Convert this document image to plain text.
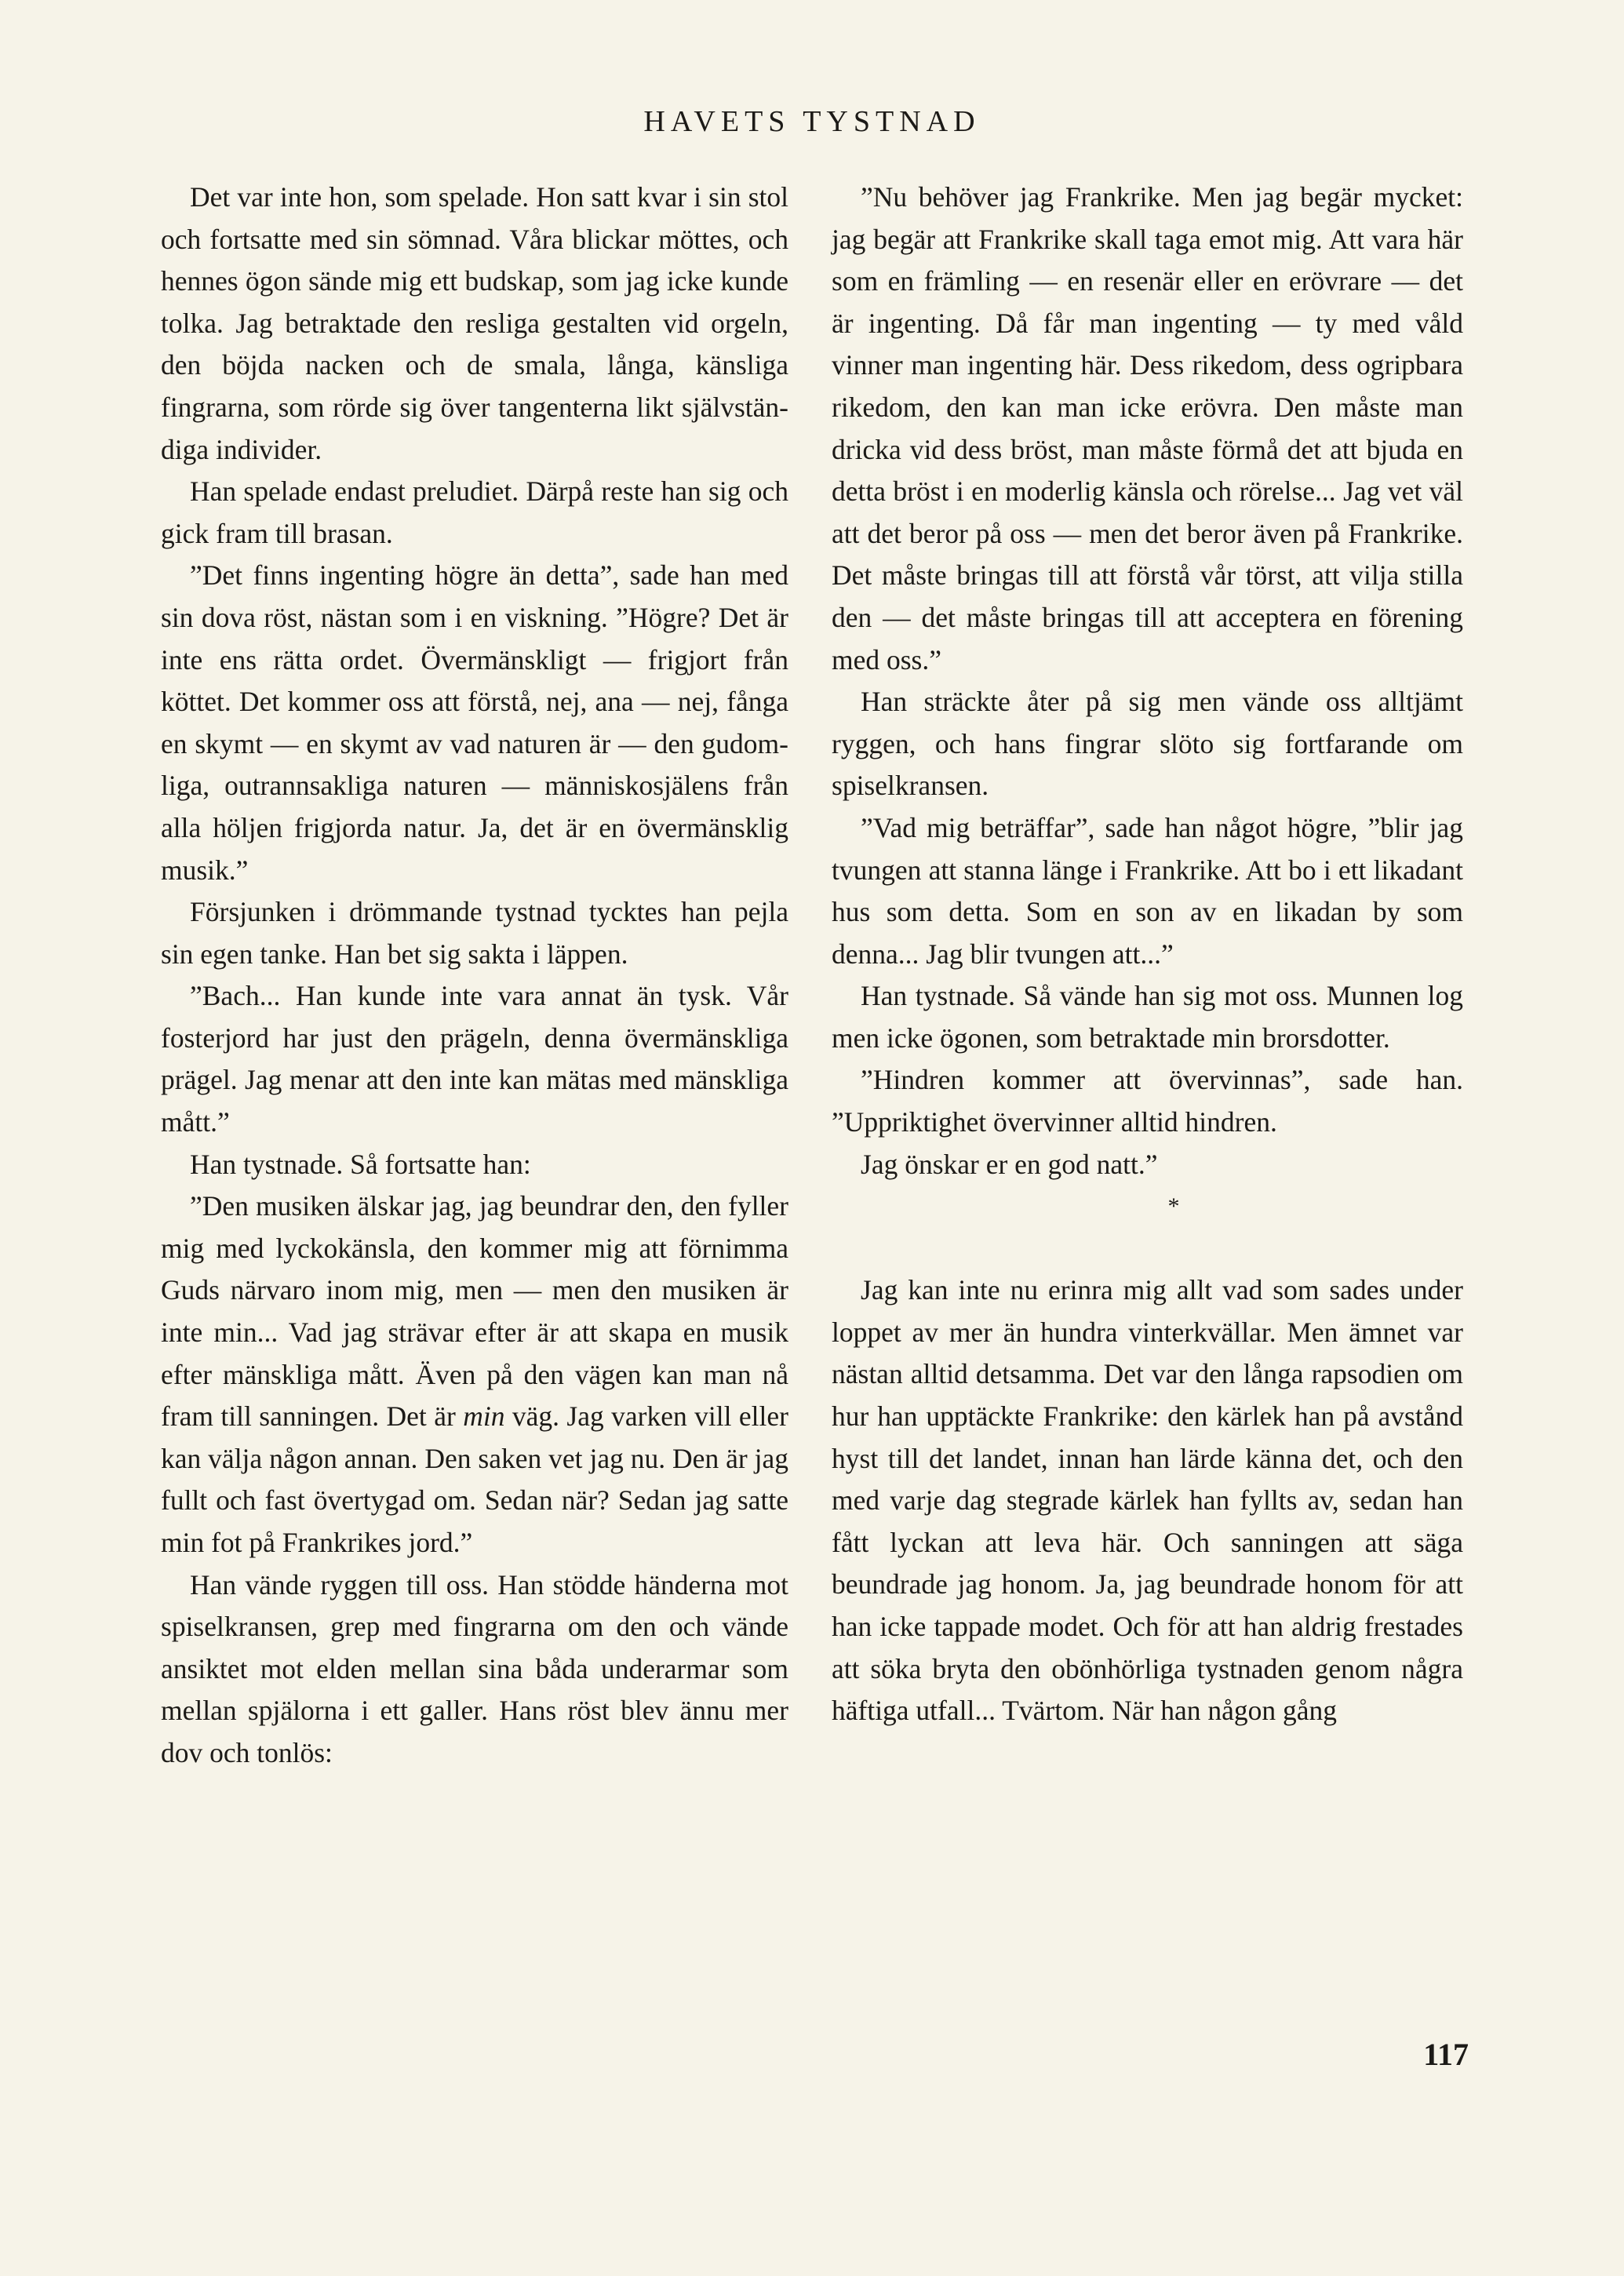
HAVETS TYSTNAD

Det var inte hon, som spelade. Hon satt kvar i sin stol och fortsatte med sin sömnad. Våra blickar möttes, och hennes ögon sände mig ett budskap, som jag icke kunde tolka. Jag betraktade den resliga gestalten vid orgeln, den böjda nacken och de smala, långa, känsliga fingrarna, som rörde sig över tangenterna likt självständiga individer.

Han spelade endast preludiet. Därpå reste han sig och gick fram till brasan.

”Det finns ingenting högre än detta”, sade han med sin dova röst, nästan som i en viskning. ”Högre? Det är inte ens rätta ordet. Övermänskligt — frigjort från köttet. Det kommer oss att förstå, nej, ana — nej, fånga en skymt — en skymt av vad naturen är — den gudomliga, outrannsakliga naturen — människosjälens från alla höljen frigjorda natur. Ja, det är en övermänsklig musik.”

Försjunken i drömmande tystnad tycktes han pejla sin egen tanke. Han bet sig sakta i läppen.

”Bach... Han kunde inte vara annat än tysk. Vår fosterjord har just den prägeln, denna övermänskliga prägel. Jag menar att den inte kan mätas med mänskliga mått.”

Han tystnade. Så fortsatte han:

”Den musiken älskar jag, jag beundrar den, den fyller mig med lyckokänsla, den kommer mig att förnimma Guds närvaro inom mig, men — men den musiken är inte min... Vad jag strävar efter är att skapa en musik efter mänskliga mått. Även på den vägen kan man nå fram till sanningen. Det är min väg. Jag varken vill eller kan välja någon annan. Den saken vet jag nu. Den är jag fullt och fast övertygad om. Sedan när? Sedan jag satte min fot på Frankrikes jord.”

Han vände ryggen till oss. Han stödde händerna mot spiselkransen, grep med fingrarna om den och vände ansiktet mot elden mellan sina båda underarmar som mellan spjälorna i ett galler. Hans röst blev ännu mer dov och tonlös:

”Nu behöver jag Frankrike. Men jag begär mycket: jag begär att Frankrike skall taga emot mig. Att vara här som en främling — en resenär eller en erövrare — det är ingenting. Då får man ingenting — ty med våld vinner man ingenting här. Dess rikedom, dess ogripbara rikedom, den kan man icke erövra. Den måste man dricka vid dess bröst, man måste förmå det att bjuda en detta bröst i en moderlig känsla och rörelse... Jag vet väl att det beror på oss — men det beror även på Frankrike. Det måste bringas till att förstå vår törst, att vilja stilla den — det måste bringas till att acceptera en förening med oss.”

Han sträckte åter på sig men vände oss alltjämt ryggen, och hans fingrar slöto sig fortfarande om spiselkransen.

”Vad mig beträffar”, sade han något högre, ”blir jag tvungen att stanna länge i Frankrike. Att bo i ett likadant hus som detta. Som en son av en likadan by som denna... Jag blir tvungen att...”

Han tystnade. Så vände han sig mot oss. Munnen log men icke ögonen, som betraktade min brorsdotter.

”Hindren kommer att övervinnas”, sade han. ”Uppriktighet övervinner alltid hindren.

Jag önskar er en god natt.”

*

Jag kan inte nu erinra mig allt vad som sades under loppet av mer än hundra vinterkvällar. Men ämnet var nästan alltid detsamma. Det var den långa rapsodien om hur han upptäckte Frankrike: den kärlek han på avstånd hyst till det landet, innan han lärde känna det, och den med varje dag stegrade kärlek han fyllts av, sedan han fått lyckan att leva här. Och sanningen att säga beundrade jag honom. Ja, jag beundrade honom för att han icke tappade modet. Och för att han aldrig frestades att söka bryta den obönhörliga tystnaden genom några häftiga utfall... Tvärtom. När han någon gång

117
